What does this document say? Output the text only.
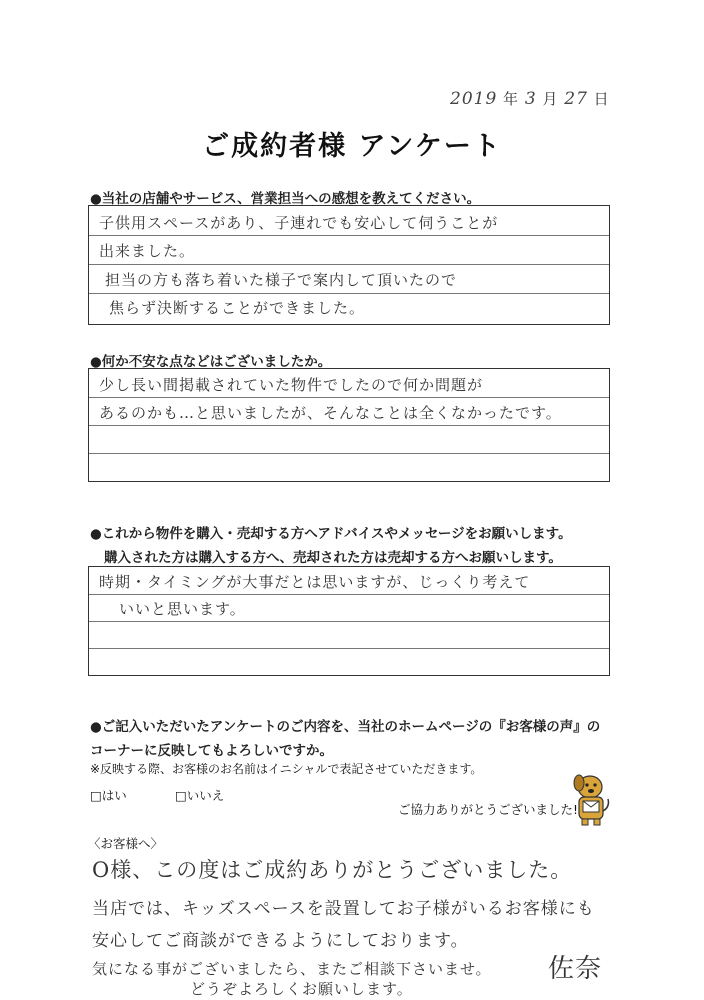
2019 年 3 月 27 日
ご成約者様 アンケート
●当社の店舗やサービス、営業担当への感想を教えてください。
子供用スペースがあり、子連れでも安心して伺うことが
出来ました。
担当の方も落ち着いた様子で案内して頂いたので
焦らず決断することができました。
●何か不安な点などはございましたか。
少し長い間掲載されていた物件でしたので何か問題が
あるのかも…と思いましたが、そんなことは全くなかったです。
●これから物件を購入・売却する方へアドバイスやメッセージをお願いします。
購入された方は購入する方へ、売却された方は売却する方へお願いします。
時期・タイミングが大事だとは思いますが、じっくり考えて
いいと思います。
●ご記入いただいたアンケートのご内容を、当社のホームページの『お客様の声』の
コーナーに反映してもよろしいですか。
※反映する際、お客様のお名前はイニシャルで表記させていただきます。
□はい	□いいえ
ご協力ありがとうございました!
〈お客様へ〉
O様、この度はご成約ありがとうございました。
当店では、キッズスペースを設置してお子様がいるお客様にも
安心してご商談ができるようにしております。
気になる事がございましたら、またご相談下さいませ。
どうぞよろしくお願いします。
佐奈
